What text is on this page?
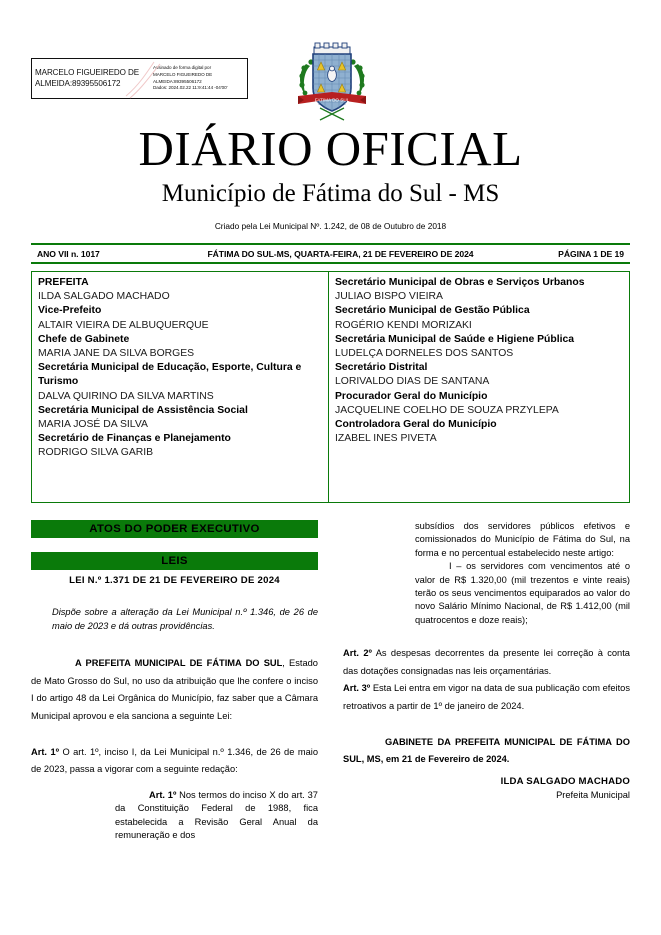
MARCELO FIGUEIREDO DE ALMEIDA:89395506172
Assinado de forma digital por
MARCELO FIGUEIREDO DE
ALMEIDA:89395506172
Dados: 2024.02.22 11:9:41:44 -04'00'
FATIMA DO SUL
DIÁRIO OFICIAL
Município de Fátima do Sul - MS
Criado pela Lei Municipal Nº. 1.242, de 08 de Outubro de 2018
ANO VII n. 1017	FÁTIMA DO SUL-MS, QUARTA-FEIRA, 21 DE FEVEREIRO DE 2024	PÁGINA 1 DE 19
PREFEITA
ILDA SALGADO MACHADO
Vice-Prefeito
ALTAIR VIEIRA DE ALBUQUERQUE
Chefe de Gabinete
MARIA JANE DA SILVA BORGES
Secretária Municipal de Educação, Esporte, Cultura e Turismo
DALVA QUIRINO DA SILVA MARTINS
Secretária Municipal de Assistência Social
MARIA JOSÉ DA SILVA
Secretário de Finanças e Planejamento
RODRIGO SILVA GARIB
Secretário Municipal de Obras e Serviços Urbanos
JULIAO BISPO VIEIRA
Secretário Municipal de Gestão Pública
ROGÉRIO KENDI MORIZAKI
Secretária Municipal de Saúde e Higiene Pública
LUDELÇA DORNELES DOS SANTOS
Secretário Distrital
LORIVALDO DIAS DE SANTANA
Procurador Geral do Município
JACQUELINE COELHO DE SOUZA PRZYLEPA
Controladora Geral do Município
IZABEL INES PIVETA
ATOS DO PODER EXECUTIVO
LEIS
LEI N.º 1.371 DE 21 DE FEVEREIRO DE 2024
Dispõe sobre a alteração da Lei Municipal n.º 1.346, de 26 de maio de 2023 e dá outras providências.
A PREFEITA MUNICIPAL DE FÁTIMA DO SUL, Estado de Mato Grosso do Sul, no uso da atribuição que lhe confere o inciso I do artigo 48 da Lei Orgânica do Município, faz saber que a Câmara Municipal aprovou e ela sanciona a seguinte Lei:
Art. 1º O art. 1º, inciso I, da Lei Municipal n.º 1.346, de 26 de maio de 2023, passa a vigorar com a seguinte redação:
Art. 1º Nos termos do inciso X do art. 37 da Constituição Federal de 1988, fica estabelecida a Revisão Geral Anual da remuneração e dos
subsídios dos servidores públicos efetivos e comissionados do Município de Fátima do Sul, na forma e no percentual estabelecido neste artigo:
I – os servidores com vencimentos até o valor de R$ 1.320,00 (mil trezentos e vinte reais) terão os seus vencimentos equiparados ao valor do novo Salário Mínimo Nacional, de R$ 1.412,00 (mil quatrocentos e doze reais);
Art. 2º As despesas decorrentes da presente lei correção à conta das dotações consignadas nas leis orçamentárias.
Art. 3º Esta Lei entra em vigor na data de sua publicação com efeitos retroativos a partir de 1º de janeiro de 2024.
GABINETE DA PREFEITA MUNICIPAL DE FÁTIMA DO SUL, MS, em 21 de Fevereiro de 2024.
ILDA SALGADO MACHADO
Prefeita Municipal
